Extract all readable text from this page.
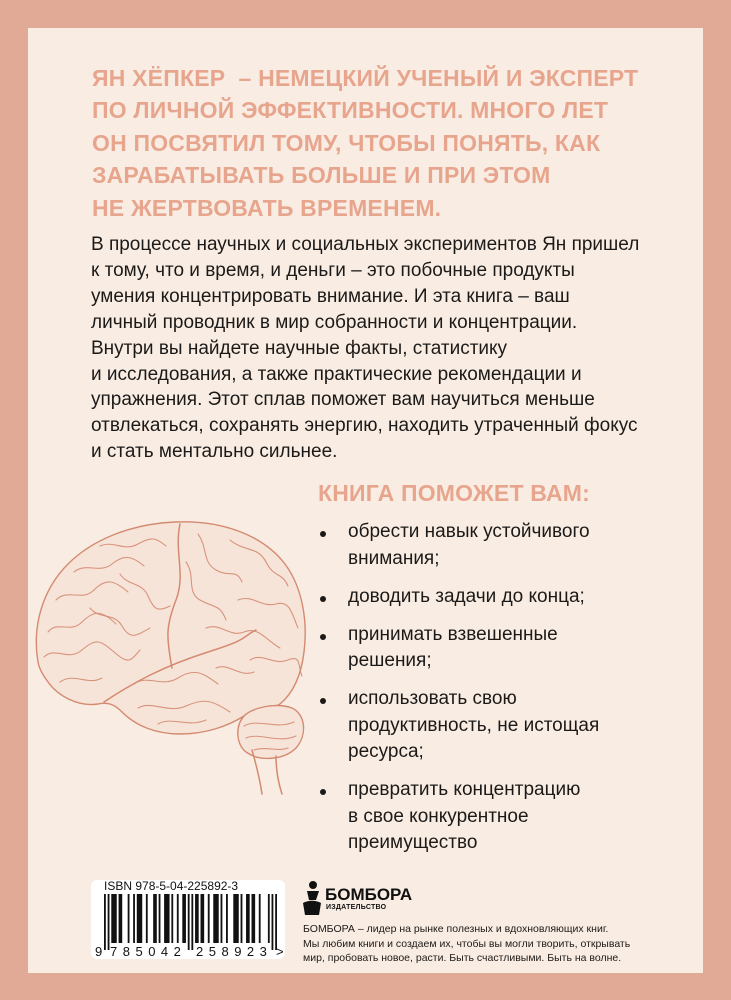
ЯН ХЁПКЕР  – НЕМЕЦКИЙ УЧЕНЫЙ И ЭКСПЕРТ
ПО ЛИЧНОЙ ЭФФЕКТИВНОСТИ. МНОГО ЛЕТ
ОН ПОСВЯТИЛ ТОМУ, ЧТОБЫ ПОНЯТЬ, КАК
ЗАРАБАТЫВАТЬ БОЛЬШЕ И ПРИ ЭТОМ
НЕ ЖЕРТВОВАТЬ ВРЕМЕНЕМ.
В процессе научных и социальных экспериментов Ян пришел
к тому, что и время, и деньги – это побочные продукты
умения концентрировать внимание. И эта книга – ваш
личный проводник в мир собранности и концентрации.
Внутри вы найдете научные факты, статистику
и исследования, а также практические рекомендации и
упражнения. Этот сплав поможет вам научиться меньше
отвлекаться, сохранять энергию, находить утраченный фокус
и стать ментально сильнее.
КНИГА ПОМОЖЕТ ВАМ:
обрести навык устойчивого
внимания;
доводить задачи до конца;
принимать взвешенные
решения;
использовать свою
продуктивность, не истощая
ресурса;
превратить концентрацию
в свое конкурентное
преимущество
ISBN 978-5-04-225892-3
9 785042 258923 >
БОМБОРА
ИЗДАТЕЛЬСТВО
БОМБОРА – лидер на рынке полезных и вдохновляющих книг.
Мы любим книги и создаем их, чтобы вы могли творить, открывать
мир, пробовать новое, расти. Быть счастливыми. Быть на волне.
